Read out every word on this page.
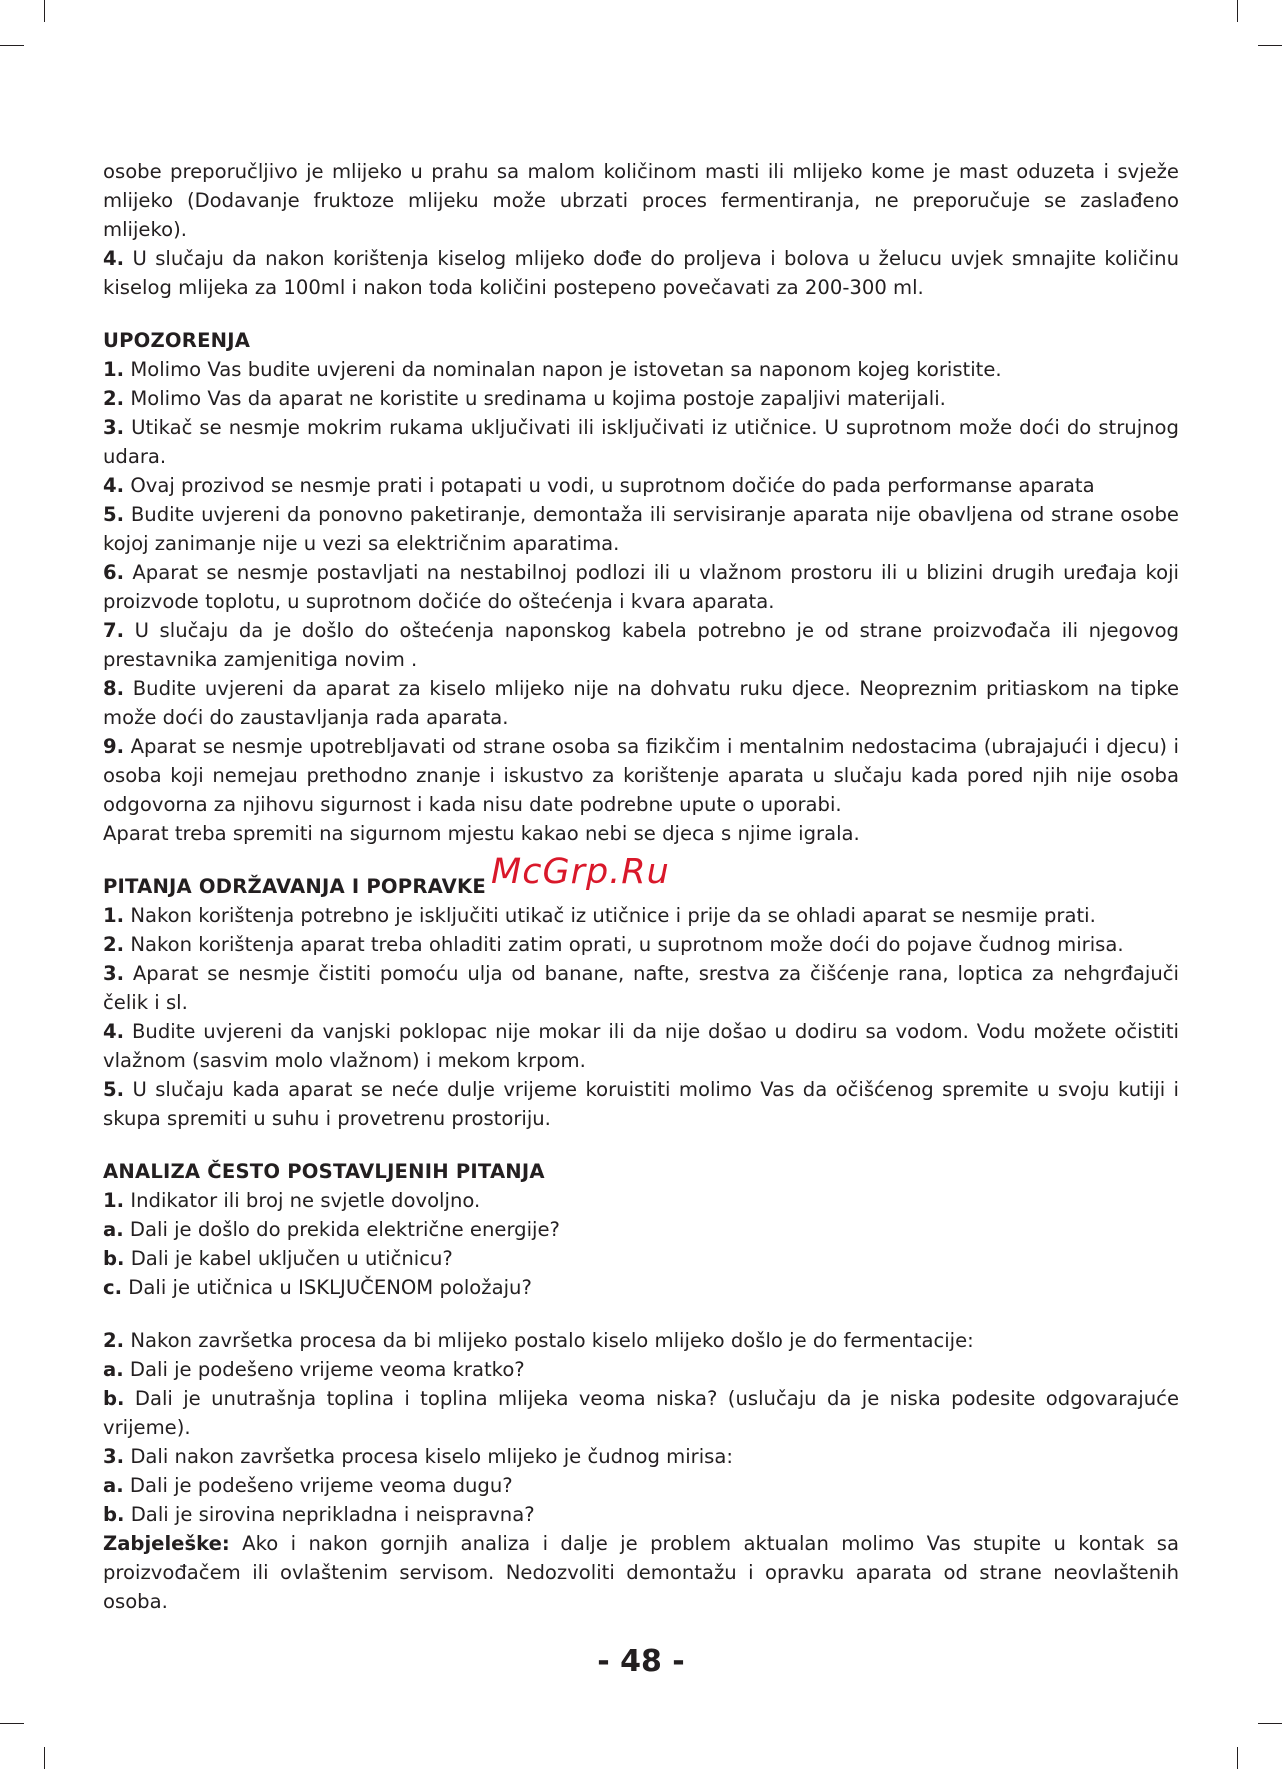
osobe preporučljivo je mlijeko u prahu sa malom količinom masti ili mlijeko kome je mast oduzeta i svježe mlijeko (Dodavanje fruktoze mlijeku može ubrzati proces fermentiranja, ne preporučuje se zaslađeno mlijeko).

4. U slučaju da nakon korištenja kiselog mlijeko dođe do proljeva i bolova u želucu uvjek smnajite količinu kiselog mlijeka za 100ml i nakon toda količini postepeno povečavati za 200-300 ml.

UPOZORENJA

1. Molimo Vas budite uvjereni da nominalan napon je istovetan sa naponom kojeg koristite.

2. Molimo Vas da aparat ne koristite u sredinama u kojima postoje zapaljivi materijali.

3. Utikač se nesmje mokrim rukama uključivati ili isključivati iz utičnice. U suprotnom može doći do strujnog udara.

4. Ovaj prozivod se nesmje prati i potapati u vodi, u suprotnom dočiće do pada performanse aparata

5. Budite uvjereni da ponovno paketiranje, demontaža ili servisiranje aparata nije obavljena od strane osobe kojoj zanimanje nije u vezi sa električnim aparatima.

6. Aparat se nesmje postavljati na nestabilnoj podlozi ili u vlažnom prostoru ili u blizini drugih uređaja koji proizvode toplotu, u suprotnom dočiće do oštećenja i kvara aparata.

7. U slučaju da je došlo do oštećenja naponskog kabela potrebno je od strane proizvođača ili njegovog prestavnika zamjenitiga novim .

8. Budite uvjereni da aparat za kiselo mlijeko nije na dohvatu ruku djece. Neopreznim pritiaskom na tipke može doći do zaustavljanja rada aparata.

9. Aparat se nesmje upotrebljavati od strane osoba sa fizikčim i mentalnim nedostacima (ubrajajući i djecu) i osoba koji nemejau prethodno znanje i iskustvo za korištenje aparata u slučaju kada pored njih nije osoba odgovorna za njihovu sigurnost i kada nisu date podrebne upute o uporabi.

Aparat treba spremiti na sigurnom mjestu kakao nebi se djeca s njime igrala.

PITANJA ODRŽAVANJA I POPRAVKE McGrp.Ru

1. Nakon korištenja potrebno je isključiti utikač iz utičnice i prije da se ohladi aparat se nesmije prati.

2. Nakon korištenja aparat treba ohladiti zatim oprati, u suprotnom može doći do pojave čudnog mirisa.

3. Aparat se nesmje čistiti pomoću ulja od banane, nafte, srestva za čišćenje rana, loptica za nehgrđajuči čelik i sl.

4. Budite uvjereni da vanjski poklopac nije mokar ili da nije došao u dodiru sa vodom. Vodu možete očistiti vlažnom (sasvim molo vlažnom) i mekom krpom.

5. U slučaju kada aparat se neće dulje vrijeme koruistiti molimo Vas da očišćenog spremite u svoju kutiji i skupa spremiti u suhu i provetrenu prostoriju.

ANALIZA ČESTO POSTAVLJENIH PITANJA

1. Indikator ili broj ne svjetle dovoljno.

a. Dali je došlo do prekida električne energije?

b. Dali je kabel uključen u utičnicu?

c. Dali je utičnica u ISKLJUČENOM položaju?

2. Nakon završetka procesa da bi mlijeko postalo kiselo mlijeko došlo je do fermentacije:

a. Dali je podešeno vrijeme veoma kratko?

b. Dali je unutrašnja toplina i toplina mlijeka veoma niska? (uslučaju da je niska podesite odgovarajuće vrijeme).

3. Dali nakon završetka procesa kiselo mlijeko je čudnog mirisa:

a. Dali je podešeno vrijeme veoma dugu?

b. Dali je sirovina neprikladna i neispravna?

Zabjeleške: Ako i nakon gornjih analiza i dalje je problem aktualan molimo Vas stupite u kontak sa proizvođačem ili ovlaštenim servisom. Nedozvoliti demontažu i opravku aparata od strane neovlaštenih osoba.

- 48 -
